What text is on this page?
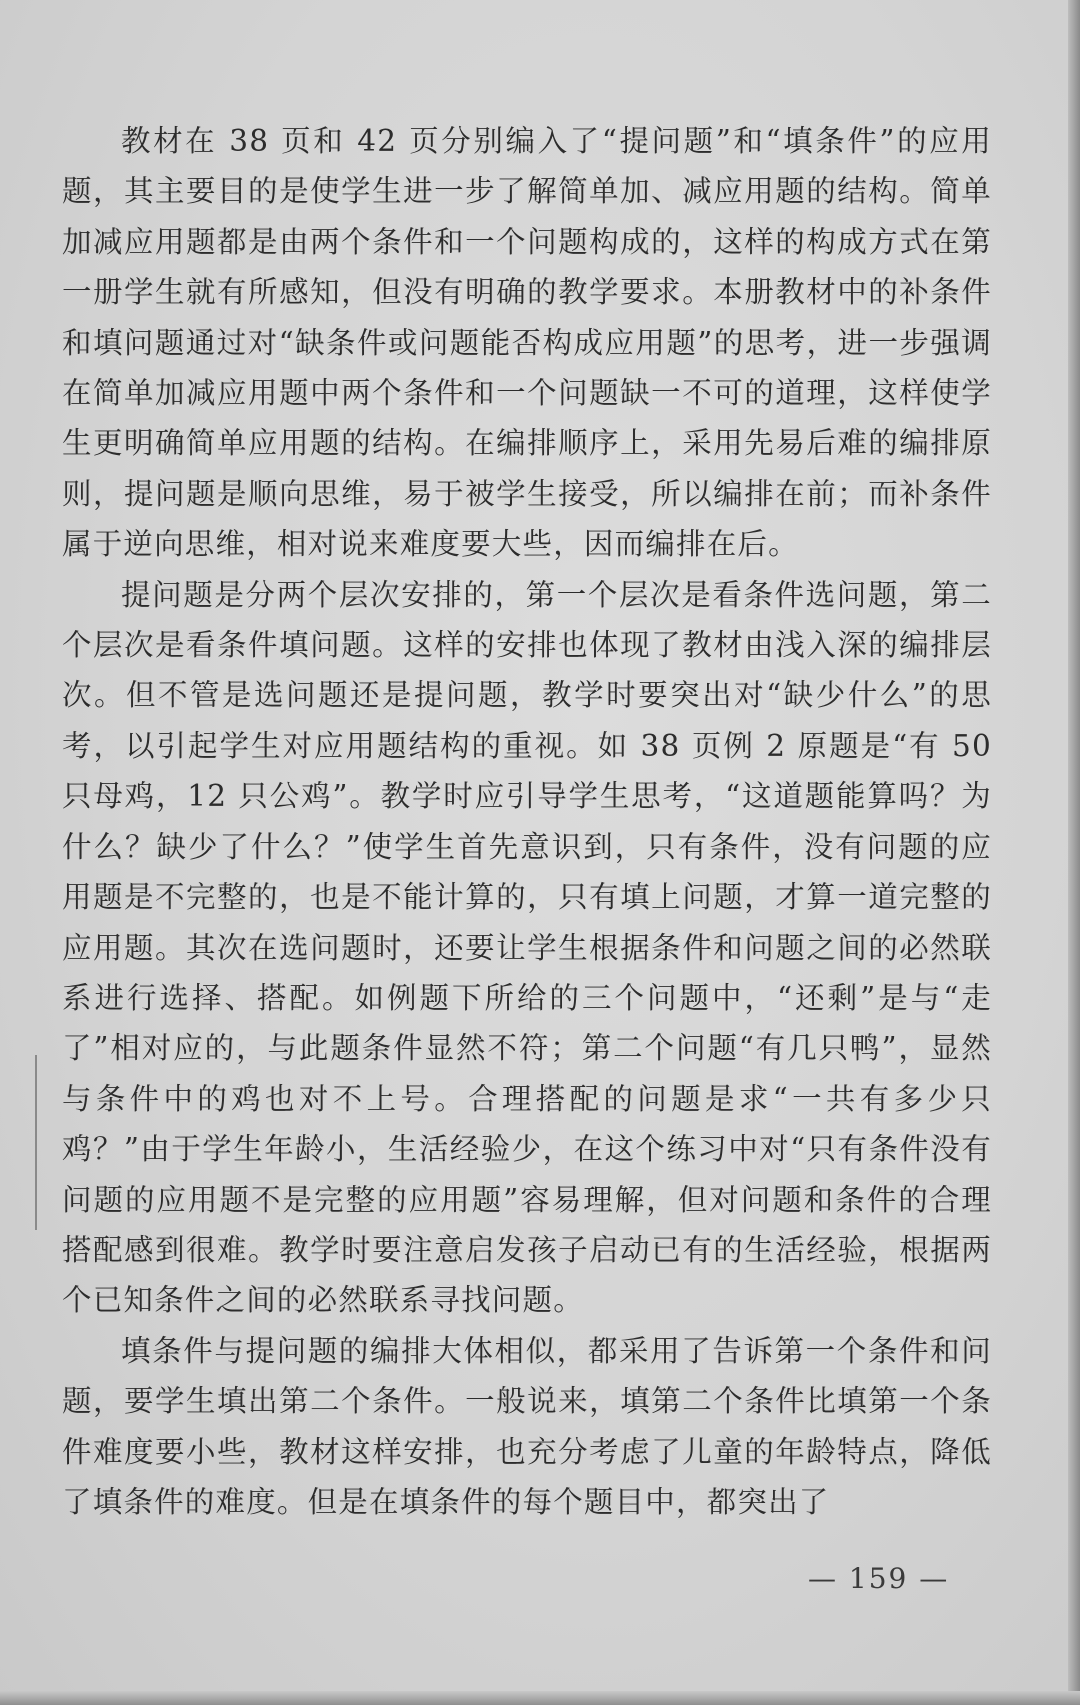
教材在 38 页和 42 页分别编入了“提问题”和“填条件”的应用题，其主要目的是使学生进一步了解简单加、减应用题的结构。简单加减应用题都是由两个条件和一个问题构成的，这样的构成方式在第一册学生就有所感知，但没有明确的教学要求。本册教材中的补条件和填问题通过对“缺条件或问题能否构成应用题”的思考，进一步强调在简单加减应用题中两个条件和一个问题缺一不可的道理，这样使学生更明确简单应用题的结构。在编排顺序上，采用先易后难的编排原则，提问题是顺向思维，易于被学生接受，所以编排在前；而补条件属于逆向思维，相对说来难度要大些，因而编排在后。

提问题是分两个层次安排的，第一个层次是看条件选问题，第二个层次是看条件填问题。这样的安排也体现了教材由浅入深的编排层次。但不管是选问题还是提问题，教学时要突出对“缺少什么”的思考，以引起学生对应用题结构的重视。如 38 页例 2 原题是“有 50 只母鸡，12 只公鸡”。教学时应引导学生思考，“这道题能算吗？为什么？缺少了什么？”使学生首先意识到，只有条件，没有问题的应用题是不完整的，也是不能计算的，只有填上问题，才算一道完整的应用题。其次在选问题时，还要让学生根据条件和问题之间的必然联系进行选择、搭配。如例题下所给的三个问题中，“还剩”是与“走了”相对应的，与此题条件显然不符；第二个问题“有几只鸭”，显然与条件中的鸡也对不上号。合理搭配的问题是求“一共有多少只鸡？”由于学生年龄小，生活经验少，在这个练习中对“只有条件没有问题的应用题不是完整的应用题”容易理解，但对问题和条件的合理搭配感到很难。教学时要注意启发孩子启动已有的生活经验，根据两个已知条件之间的必然联系寻找问题。

填条件与提问题的编排大体相似，都采用了告诉第一个条件和问题，要学生填出第二个条件。一般说来，填第二个条件比填第一个条件难度要小些，教材这样安排，也充分考虑了儿童的年龄特点，降低了填条件的难度。但是在填条件的每个题目中，都突出了

— 159 —
